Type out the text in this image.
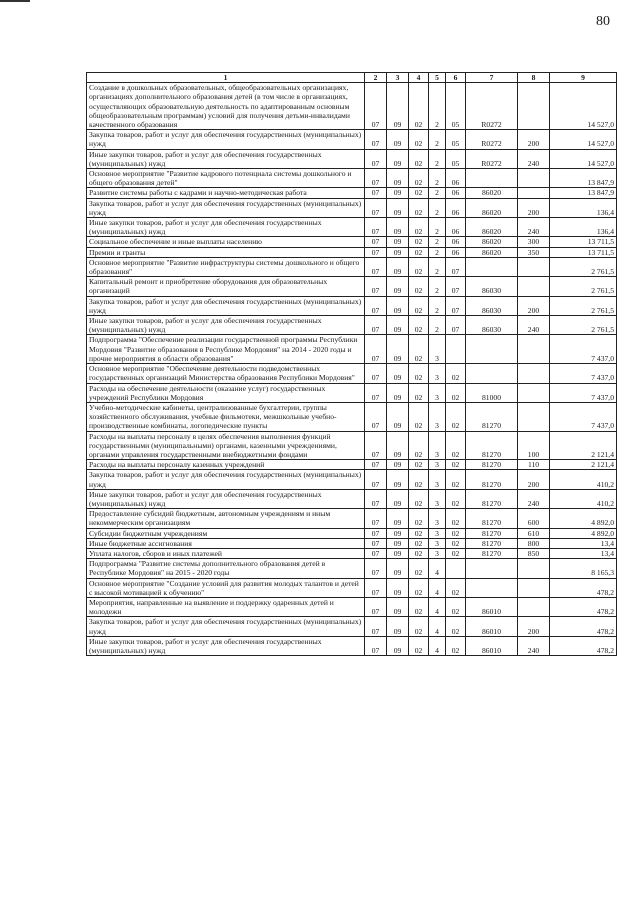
80
1	2	3	4	5	6	7	8	9
Создание в дошкольных образовательных, общеобразовательных организациях, организациях дополнительного образования детей (в том числе в организациях, осуществляющих образовательную деятельность по адаптированным основным общеобразовательным программам) условий для получения детьми-инвалидами качественного образования	07	09	02	2	05	R0272		14 527,0
Закупка товаров, работ и услуг для обеспечения государственных (муниципальных) нужд	07	09	02	2	05	R0272	200	14 527,0
Иные закупки товаров, работ и услуг для обеспечения государственных (муниципальных) нужд	07	09	02	2	05	R0272	240	14 527,0
Основное мероприятие "Развитие кадрового потенциала системы дошкольного и общего образования детей"	07	09	02	2	06			13 847,9
Развитие системы работы с кадрами и научно-методическая работа	07	09	02	2	06	86020		13 847,9
Закупка товаров, работ и услуг для обеспечения государственных (муниципальных) нужд	07	09	02	2	06	86020	200	136,4
Иные закупки товаров, работ и услуг для обеспечения государственных (муниципальных) нужд	07	09	02	2	06	86020	240	136,4
Социальное обеспечение и иные выплаты населению	07	09	02	2	06	86020	300	13 711,5
Премии и гранты	07	09	02	2	06	86020	350	13 711,5
Основное мероприятие "Развитие инфраструктуры системы дошкольного и общего образования"	07	09	02	2	07			2 761,5
Капитальный ремонт и приобретение оборудования для образовательных организаций	07	09	02	2	07	86030		2 761,5
Закупка товаров, работ и услуг для обеспечения государственных (муниципальных) нужд	07	09	02	2	07	86030	200	2 761,5
Иные закупки товаров, работ и услуг для обеспечения государственных (муниципальных) нужд	07	09	02	2	07	86030	240	2 761,5
Подпрограмма "Обеспечение реализации государственной программы Республики Мордовия "Развитие образования в Республике Мордовия" на 2014 - 2020 годы и прочие мероприятия в области образования"	07	09	02	3				7 437,0
Основное мероприятие "Обеспечение деятельности подведомственных государственных организаций Министерства образования Республики Мордовия"	07	09	02	3	02			7 437,0
Расходы на обеспечение деятельности (оказание услуг) государственных учреждений Республики Мордовия	07	09	02	3	02	81000		7 437,0
Учебно-методические кабинеты, централизованные бухгалтерии, группы хозяйственного обслуживания, учебные фильмотеки, межшкольные учебно-производственные комбинаты, логопедические пункты	07	09	02	3	02	81270		7 437,0
Расходы на выплаты персоналу в целях обеспечения выполнения функций государственными (муниципальными) органами, казенными учреждениями, органами управления государственными внебюджетными фондами	07	09	02	3	02	81270	100	2 121,4
Расходы на выплаты персоналу казенных учреждений	07	09	02	3	02	81270	110	2 121,4
Закупка товаров, работ и услуг для обеспечения государственных (муниципальных) нужд	07	09	02	3	02	81270	200	410,2
Иные закупки товаров, работ и услуг для обеспечения государственных (муниципальных) нужд	07	09	02	3	02	81270	240	410,2
Предоставление субсидий бюджетным, автономным учреждениям и иным некоммерческим организациям	07	09	02	3	02	81270	600	4 892,0
Субсидии бюджетным учреждениям	07	09	02	3	02	81270	610	4 892,0
Иные бюджетные ассигнования	07	09	02	3	02	81270	800	13,4
Уплата налогов, сборов и иных платежей	07	09	02	3	02	81270	850	13,4
Подпрограмма "Развитие системы дополнительного образования детей в Республике Мордовия" на 2015 - 2020 годы	07	09	02	4				8 165,3
Основное мероприятие "Создание условий для развития молодых талантов и детей с высокой мотивацией к обучению"	07	09	02	4	02			478,2
Мероприятия, направленные на выявление и поддержку одаренных детей и молодежи	07	09	02	4	02	86010		478,2
Закупка товаров, работ и услуг для обеспечения государственных (муниципальных) нужд	07	09	02	4	02	86010	200	478,2
Иные закупки товаров, работ и услуг для обеспечения государственных (муниципальных) нужд	07	09	02	4	02	86010	240	478,2
